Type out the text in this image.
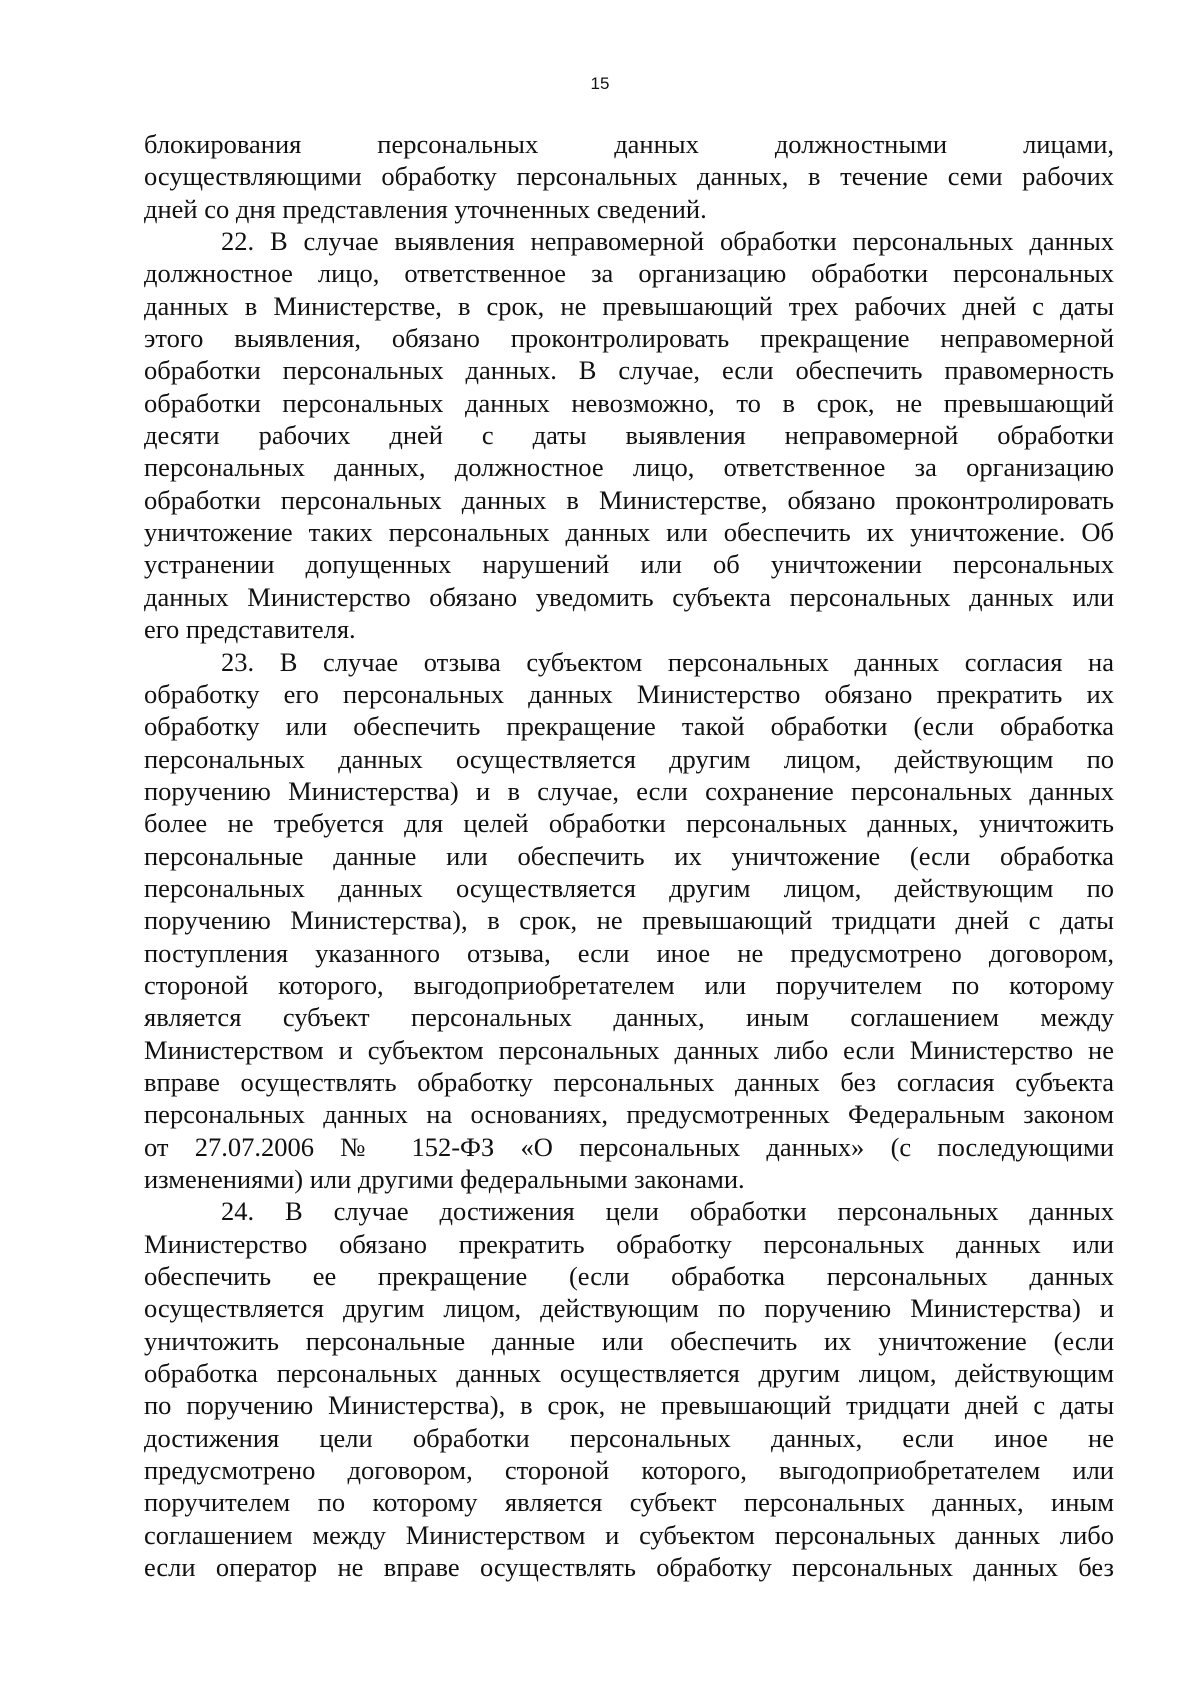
15
блокирования персональных данных должностными лицами,
осуществляющими обработку персональных данных, в течение семи рабочих
дней со дня представления уточненных сведений.
22. В случае выявления неправомерной обработки персональных данных
должностное лицо, ответственное за организацию обработки персональных
данных в Министерстве, в срок, не превышающий трех рабочих дней с даты
этого выявления, обязано проконтролировать прекращение неправомерной
обработки персональных данных. В случае, если обеспечить правомерность
обработки персональных данных невозможно, то в срок, не превышающий
десяти рабочих дней с даты выявления неправомерной обработки
персональных данных, должностное лицо, ответственное за организацию
обработки персональных данных в Министерстве, обязано проконтролировать
уничтожение таких персональных данных или обеспечить их уничтожение. Об
устранении допущенных нарушений или об уничтожении персональных
данных Министерство обязано уведомить субъекта персональных данных или
его представителя.
23. В случае отзыва субъектом персональных данных согласия на
обработку его персональных данных Министерство обязано прекратить их
обработку или обеспечить прекращение такой обработки (если обработка
персональных данных осуществляется другим лицом, действующим по
поручению Министерства) и в случае, если сохранение персональных данных
более не требуется для целей обработки персональных данных, уничтожить
персональные данные или обеспечить их уничтожение (если обработка
персональных данных осуществляется другим лицом, действующим по
поручению Министерства), в срок, не превышающий тридцати дней с даты
поступления указанного отзыва, если иное не предусмотрено договором,
стороной которого, выгодоприобретателем или поручителем по которому
является субъект персональных данных, иным соглашением между
Министерством и субъектом персональных данных либо если Министерство не
вправе осуществлять обработку персональных данных без согласия субъекта
персональных данных на основаниях, предусмотренных Федеральным законом
от 27.07.2006 № 152-ФЗ «О персональных данных» (с последующими
изменениями) или другими федеральными законами.
24. В случае достижения цели обработки персональных данных
Министерство обязано прекратить обработку персональных данных или
обеспечить ее прекращение (если обработка персональных данных
осуществляется другим лицом, действующим по поручению Министерства) и
уничтожить персональные данные или обеспечить их уничтожение (если
обработка персональных данных осуществляется другим лицом, действующим
по поручению Министерства), в срок, не превышающий тридцати дней с даты
достижения цели обработки персональных данных, если иное не
предусмотрено договором, стороной которого, выгодоприобретателем или
поручителем по которому является субъект персональных данных, иным
соглашением между Министерством и субъектом персональных данных либо
если оператор не вправе осуществлять обработку персональных данных без
